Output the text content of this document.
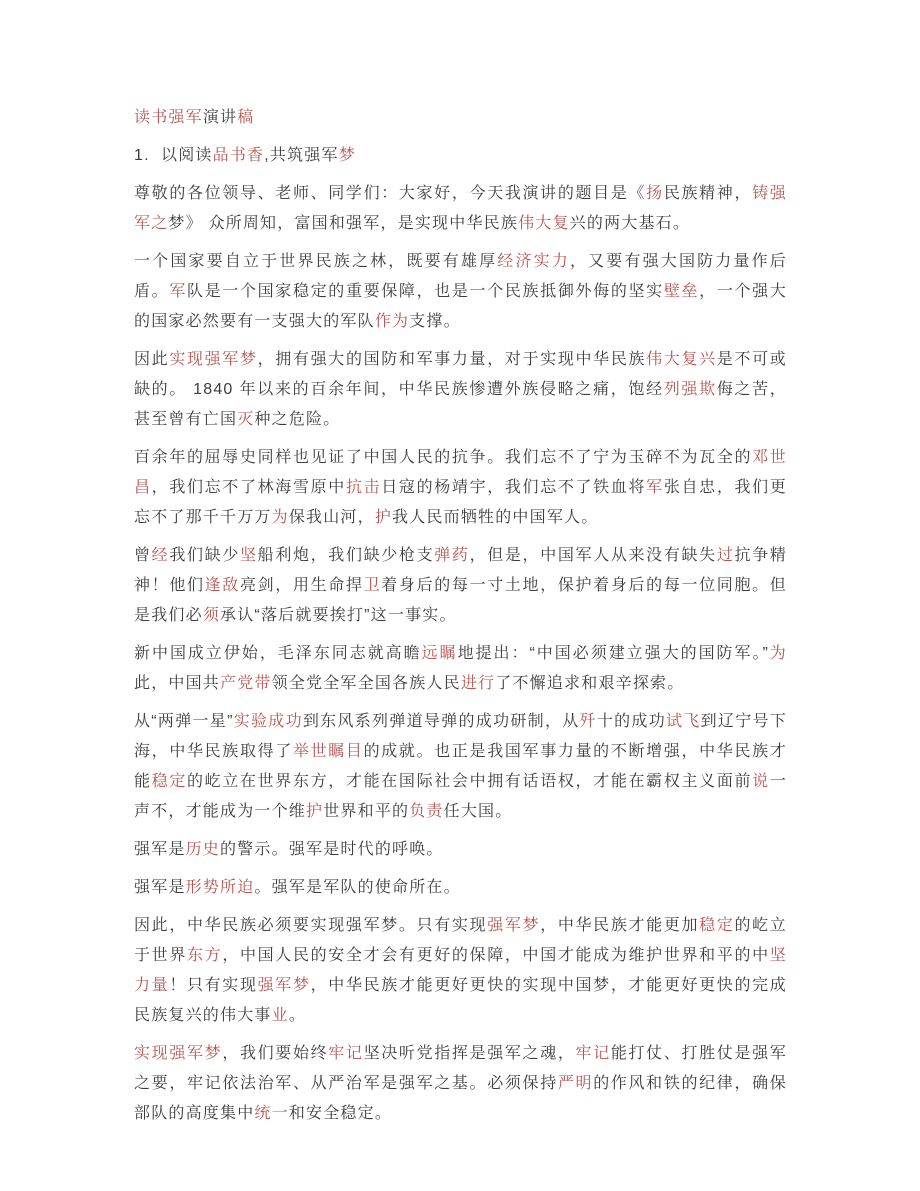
读书强军演讲稿

1.  以阅读品书香,共筑强军梦

尊敬的各位领导、老师、同学们：大家好，今天我演讲的题目是《扬民族精神，铸强军之梦》 众所周知，富国和强军，是实现中华民族伟大复兴的两大基石。

一个国家要自立于世界民族之林，既要有雄厚经济实力，又要有强大国防力量作后盾。军队是一个国家稳定的重要保障，也是一个民族抵御外侮的坚实壁垒，一个强大的国家必然要有一支强大的军队作为支撑。

因此实现强军梦，拥有强大的国防和军事力量，对于实现中华民族伟大复兴是不可或缺的。 1840 年以来的百余年间，中华民族惨遭外族侵略之痛，饱经列强欺侮之苦，甚至曾有亡国灭种之危险。

百余年的屈辱史同样也见证了中国人民的抗争。我们忘不了宁为玉碎不为瓦全的邓世昌，我们忘不了林海雪原中抗击日寇的杨靖宇，我们忘不了铁血将军张自忠，我们更忘不了那千千万万为保我山河，护我人民而牺牲的中国军人。

曾经我们缺少坚船利炮，我们缺少枪支弹药，但是，中国军人从来没有缺失过抗争精神！他们逢敌亮剑，用生命捍卫着身后的每一寸土地，保护着身后的每一位同胞。但是我们必须承认“落后就要挨打”这一事实。

新中国成立伊始，毛泽东同志就高瞻远瞩地提出：“中国必须建立强大的国防军。”为此，中国共产党带领全党全军全国各族人民进行了不懈追求和艰辛探索。

从“两弹一星”实验成功到东风系列弹道导弹的成功研制，从歼十的成功试飞到辽宁号下海，中华民族取得了举世瞩目的成就。也正是我国军事力量的不断增强，中华民族才能稳定的屹立在世界东方，才能在国际社会中拥有话语权，才能在霸权主义面前说一声不，才能成为一个维护世界和平的负责任大国。

强军是历史的警示。强军是时代的呼唤。

强军是形势所迫。强军是军队的使命所在。

因此，中华民族必须要实现强军梦。只有实现强军梦，中华民族才能更加稳定的屹立于世界东方，中国人民的安全才会有更好的保障，中国才能成为维护世界和平的中坚力量！只有实现强军梦，中华民族才能更好更快的实现中国梦，才能更好更快的完成民族复兴的伟大事业。

实现强军梦，我们要始终牢记坚决听党指挥是强军之魂，牢记能打仗、打胜仗是强军之要，牢记依法治军、从严治军是强军之基。必须保持严明的作风和铁的纪律，确保部队的高度集中统一和安全稳定。
